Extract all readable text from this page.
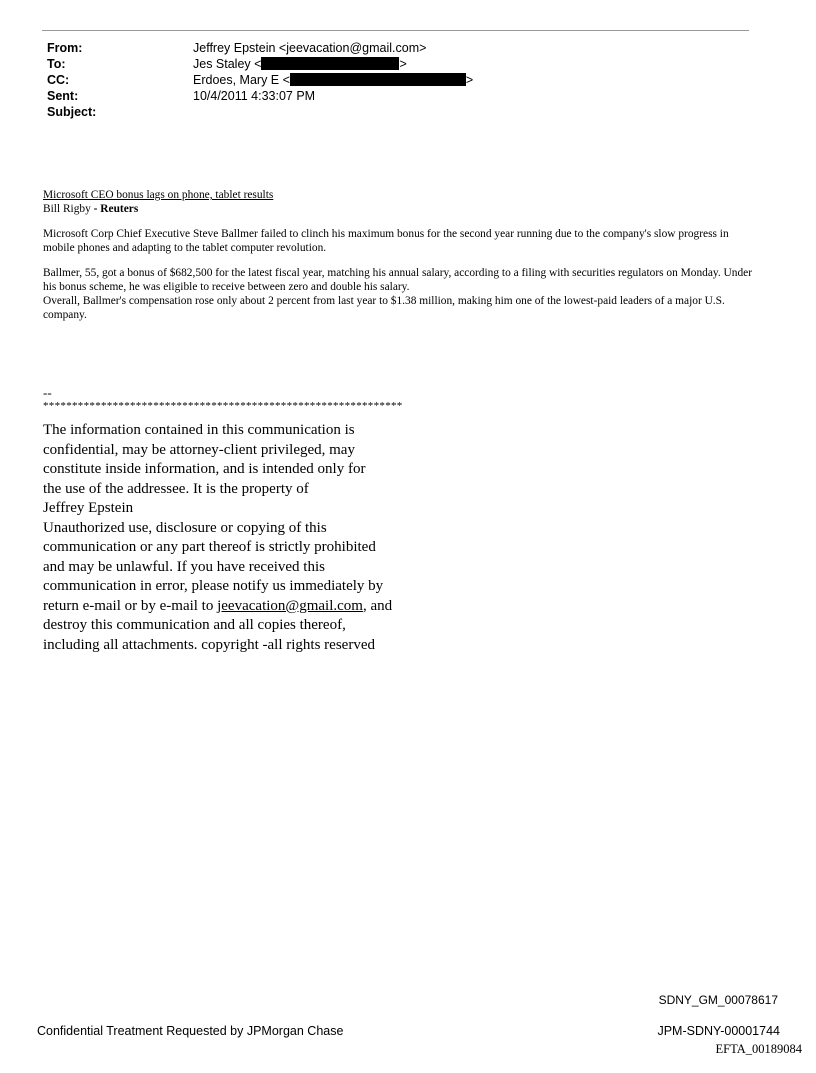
From:	Jeffrey Epstein <jeevacation@gmail.com>
To:	Jes Staley <	>
CC:	Erdoes, Mary E <	>
Sent:	10/4/2011 4:33:07 PM
Subject:

Microsoft CEO bonus lags on phone, tablet results

Bill Rigby - Reuters

Microsoft Corp Chief Executive Steve Ballmer failed to clinch his maximum bonus for the second year running due to the company's slow progress in mobile phones and adapting to the tablet computer revolution.

Ballmer, 55, got a bonus of $682,500 for the latest fiscal year, matching his annual salary, according to a filing with securities regulators on Monday. Under his bonus scheme, he was eligible to receive between zero and double his salary.

Overall, Ballmer's compensation rose only about 2 percent from last year to $1.38 million, making him one of the lowest-paid leaders of a major U.S. company.

--
**************************************************************
The information contained in this communication is
confidential, may be attorney-client privileged, may
constitute inside information, and is intended only for
the use of the addressee. It is the property of
Jeffrey Epstein
Unauthorized use, disclosure or copying of this
communication or any part thereof is strictly prohibited
and may be unlawful. If you have received this
communication in error, please notify us immediately by
return e-mail or by e-mail to jeevacation@gmail.com, and
destroy this communication and all copies thereof,
including all attachments. copyright -all rights reserved
SDNY_GM_00078617
Confidential Treatment Requested by JPMorgan Chase	JPM-SDNY-00001744
EFTA_00189084
